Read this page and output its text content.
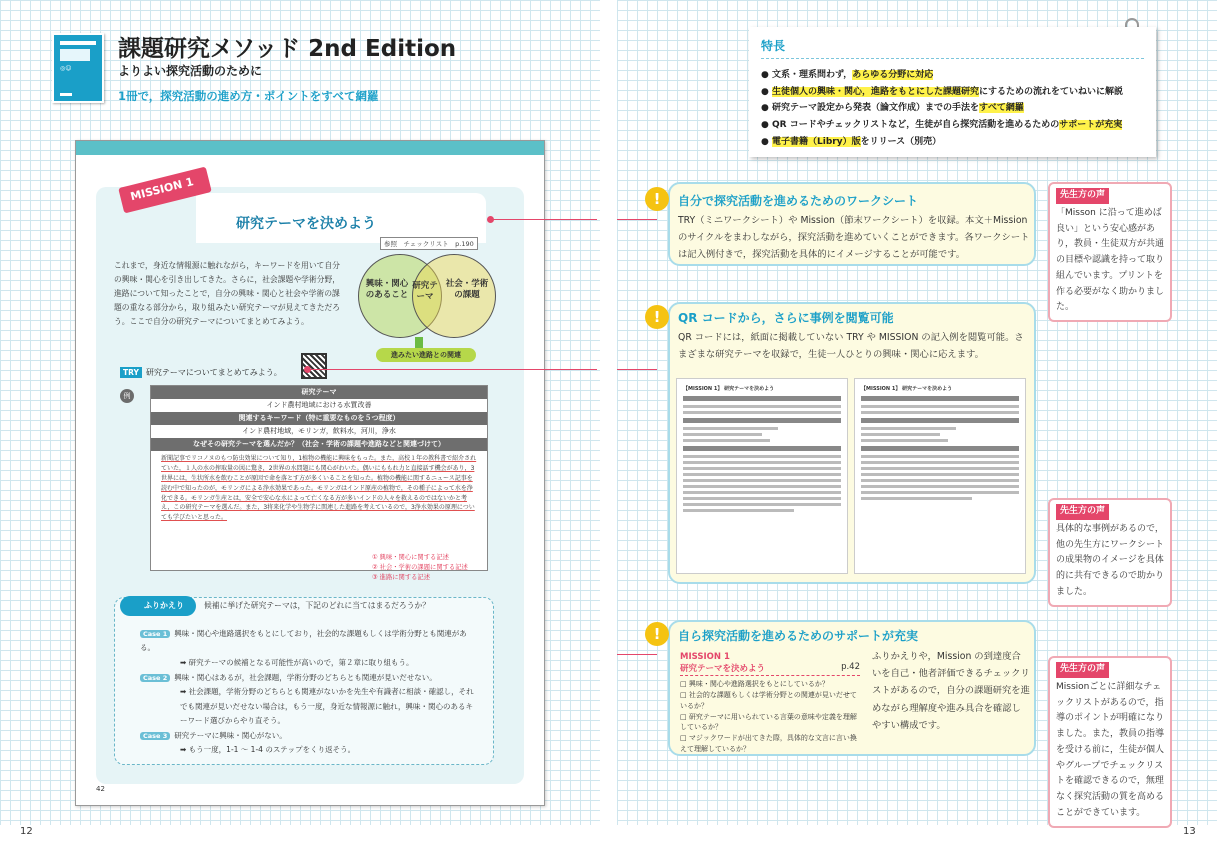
12	13
◎☺
課題研究メソッド 2nd Edition
よりよい探究活動のために
1冊で，探究活動の進め方・ポイントをすべて網羅
MISSION 1
研究テーマを決めよう
参照　チェックリスト　p.190
これまで，身近な情報源に触れながら，キーワードを用いて自分の興味・関心を引き出してきた。さらに，社会課題や学術分野，進路について知ったことで，自分の興味・関心と社会や学術の課題の重なる部分から，取り組みたい研究テーマが見えてきただろう。ここで自分の研究テーマについてまとめてみよう。
興味・関心のあること
研究テーマ
社会・学術の課題
進みたい進路との関連
TRY 研究テーマについてまとめてみよう。
例	研究テーマ
インド農村地域における水質改善
関連するキーワード（特に重要なものを５つ程度）
インド農村地域，モリンガ，飲料水，河川，浄水
なぜその研究テーマを選んだか？（社会・学術の課題や進路などと関連づけて）
新聞記事でリコノヌのもつ防虫効果について知り，1植物の機能に興味をもった。また，高校１年の教科書で紹介されていた，１人の水の搾取量の図に驚き，2世界の水問題にも関心がわいた。偶いにももれ力と直接話す機会があり，3世界には，生状所水を飲むことが原因で命を落とす方が多くいることを知った。植物の機能に関するニュース記事を読む中で知ったのが，モリンガによる浄水効果であった。モリンガはインド原産の植物で，その種子によって水を浄化できる。モリンガ生産とは，安全で安心な水によって亡くなる方が多いインドの人々を救えるのではないかと考え，この研究テーマを選んだ。また，3将来化学や生物学に関連した進路を考えているので，3浄水効果の原理についても学びたいと思った。
① 興味・関心に関する記述
② 社会・学術の課題に関する記述
③ 進路に関する記述
ふりかえり	候補に挙げた研究テーマは，下記のどれに当てはまるだろうか？
Case 1 興味・関心や進路選択をもとにしており，社会的な課題もしくは学術分野とも関連がある。
➡ 研究テーマの候補となる可能性が高いので，第２章に取り組もう。
Case 2 興味・関心はあるが，社会課題，学術分野のどちらとも関連が見いだせない。
➡ 社会課題，学術分野のどちらとも関連がないかを先生や有識者に相談・確認し，それでも関連が見いだせない場合は，もう一度，身近な情報源に触れ，興味・関心のあるキーワード選びからやり直そう。
Case 3 研究テーマに興味・関心がない。
➡ もう一度，1-1 〜 1-4 のステップをくり返そう。
42
特長
● 文系・理系問わず，あらゆる分野に対応
● 生徒個人の興味・関心，進路をもとにした課題研究にするための流れをていねいに解説
● 研究テーマ設定から発表（論文作成）までの手法をすべて網羅
● QR コードやチェックリストなど，生徒が自ら探究活動を進めるためのサポートが充実
● 電子書籍（Libry）版をリリース（別売）
!	自分で探究活動を進めるためのワークシート
TRY（ミニワークシート）や Mission（節末ワークシート）を収録。本文＋Mission のサイクルをまわしながら，探究活動を進めていくことができます。各ワークシートは記入例付きで，探究活動を具体的にイメージすることが可能です。
!	QR コードから，さらに事例を閲覧可能
QR コードには，紙面に掲載していない TRY や MISSION の記入例を閲覧可能。さまざまな研究テーマを収録で，生徒一人ひとりの興味・関心に応えます。
【MISSION 1】 研究テーマを決めよう	【MISSION 1】 研究テーマを決めよう
!	自ら探究活動を進めるためのサポートが充実
MISSION 1
研究テーマを決めよう	p.42
□ 興味・関心や進路選択をもとにしているか？
□ 社会的な課題もしくは学術分野との関連が見いだせているか？
□ 研究テーマに用いられている言葉の意味や定義を理解しているか？
□ マジックワードが出てきた際，具体的な文言に言い換えて理解しているか？
ふりかえりや，Mission の到達度合いを自己・他者評価できるチェックリストがあるので，自分の課題研究を進めながら理解度や進み具合を確認しやすい構成です。
先生方の声
「Misson に沿って進めば良い」という安心感があり，教員・生徒双方が共通の目標や認識を持って取り組んでいます。プリントを作る必要がなく助かりました。
先生方の声
具体的な事例があるので，他の先生方にワークシートの成果物のイメージを具体的に共有できるので助かりました。
先生方の声
Missionごとに詳細なチェックリストがあるので，指導のポイントが明確になりました。また，教員の指導を受ける前に，生徒が個人やグループでチェックリストを確認できるので，無理なく探究活動の質を高めることができています。
